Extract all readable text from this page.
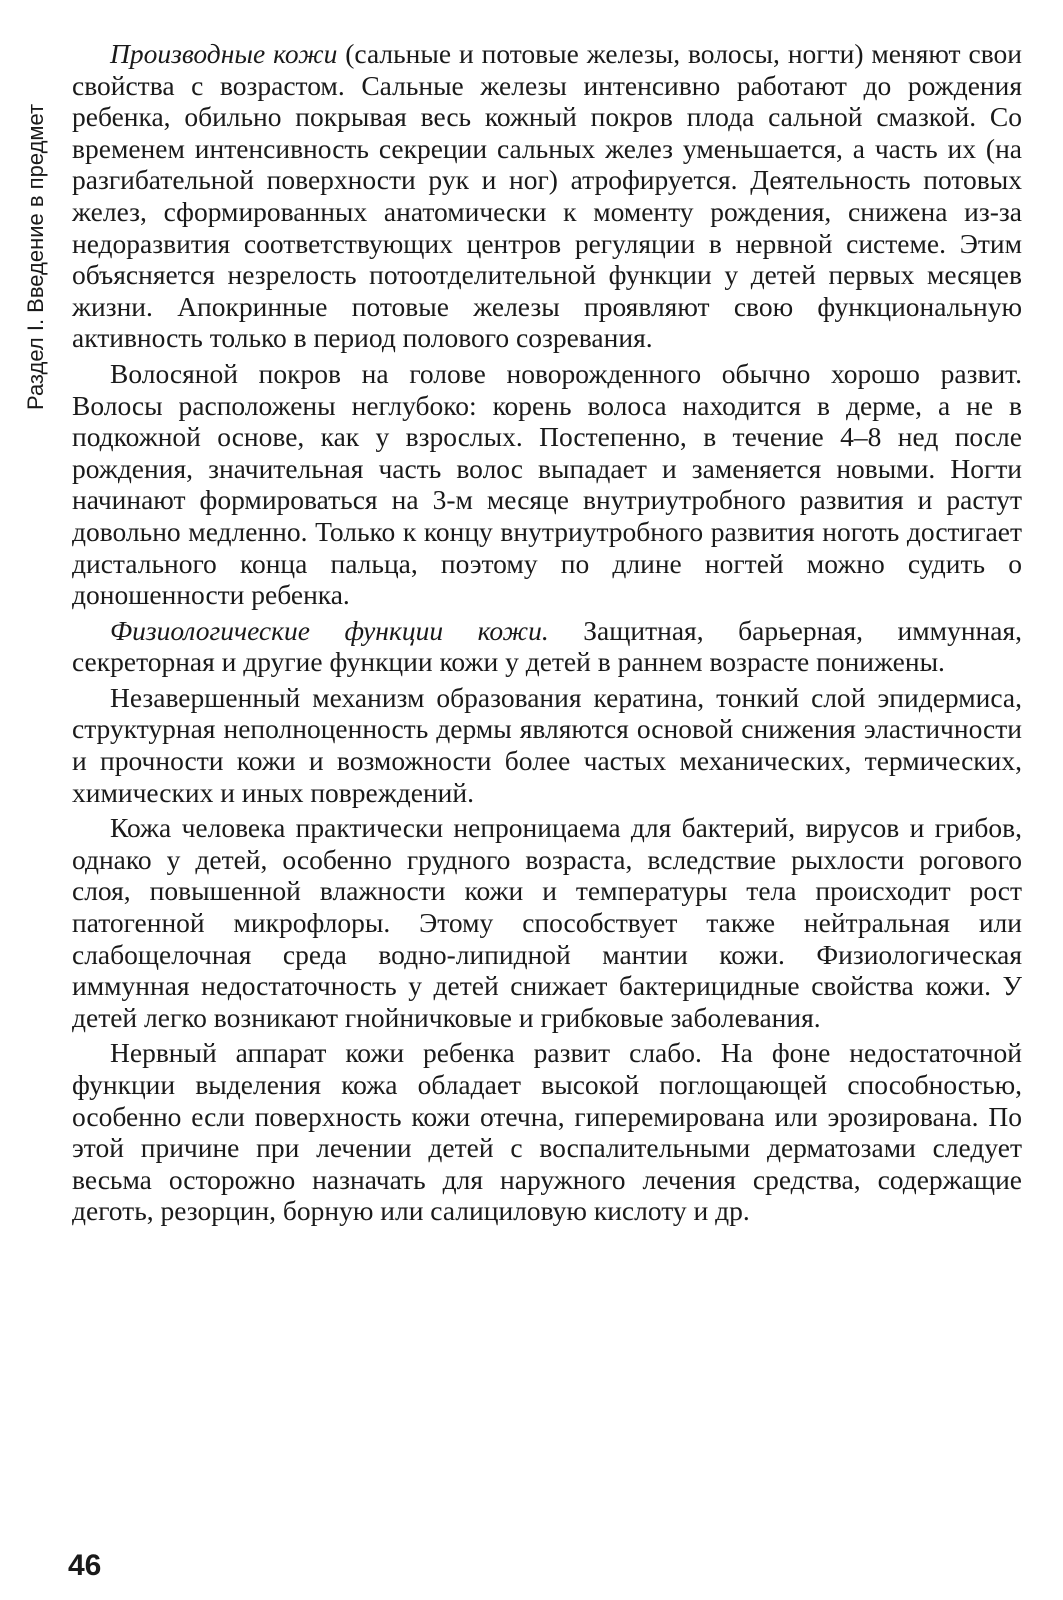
Раздел I. Введение в предмет

Производные кожи (сальные и потовые железы, волосы, ногти) меняют свои свойства с возрастом. Сальные железы интенсивно работают до рождения ребенка, обильно покрывая весь кожный покров плода сальной смазкой. Со временем интенсивность секреции сальных желез уменьшается, а часть их (на разгибательной поверхности рук и ног) атрофируется. Деятельность потовых желез, сформированных анатомически к моменту рождения, снижена из-за недоразвития соответствующих центров регуляции в нервной системе. Этим объясняется незрелость потоотделительной функции у детей первых месяцев жизни. Апокринные потовые железы проявляют свою функциональную активность только в период полового созревания.

Волосяной покров на голове новорожденного обычно хорошо развит. Волосы расположены неглубоко: корень волоса находится в дерме, а не в подкожной основе, как у взрослых. Постепенно, в течение 4–8 нед после рождения, значительная часть волос выпадает и заменяется новыми. Ногти начинают формироваться на 3-м месяце внутриутробного развития и растут довольно медленно. Только к концу внутриутробного развития ноготь достигает дистального конца пальца, поэтому по длине ногтей можно судить о доношенности ребенка.

Физиологические функции кожи. Защитная, барьерная, иммунная, секреторная и другие функции кожи у детей в раннем возрасте понижены.

Незавершенный механизм образования кератина, тонкий слой эпидермиса, структурная неполноценность дермы являются основой снижения эластичности и прочности кожи и возможности более частых механических, термических, химических и иных повреждений.

Кожа человека практически непроницаема для бактерий, вирусов и грибов, однако у детей, особенно грудного возраста, вследствие рыхлости рогового слоя, повышенной влажности кожи и температуры тела происходит рост патогенной микрофлоры. Этому способствует также нейтральная или слабощелочная среда водно-липидной мантии кожи. Физиологическая иммунная недостаточность у детей снижает бактерицидные свойства кожи. У детей легко возникают гнойничковые и грибковые заболевания.

Нервный аппарат кожи ребенка развит слабо. На фоне недостаточной функции выделения кожа обладает высокой поглощающей способностью, особенно если поверхность кожи отечна, гиперемирована или эрозирована. По этой причине при лечении детей с воспалительными дерматозами следует весьма осторожно назначать для наружного лечения средства, содержащие деготь, резорцин, борную или салициловую кислоту и др.

46
